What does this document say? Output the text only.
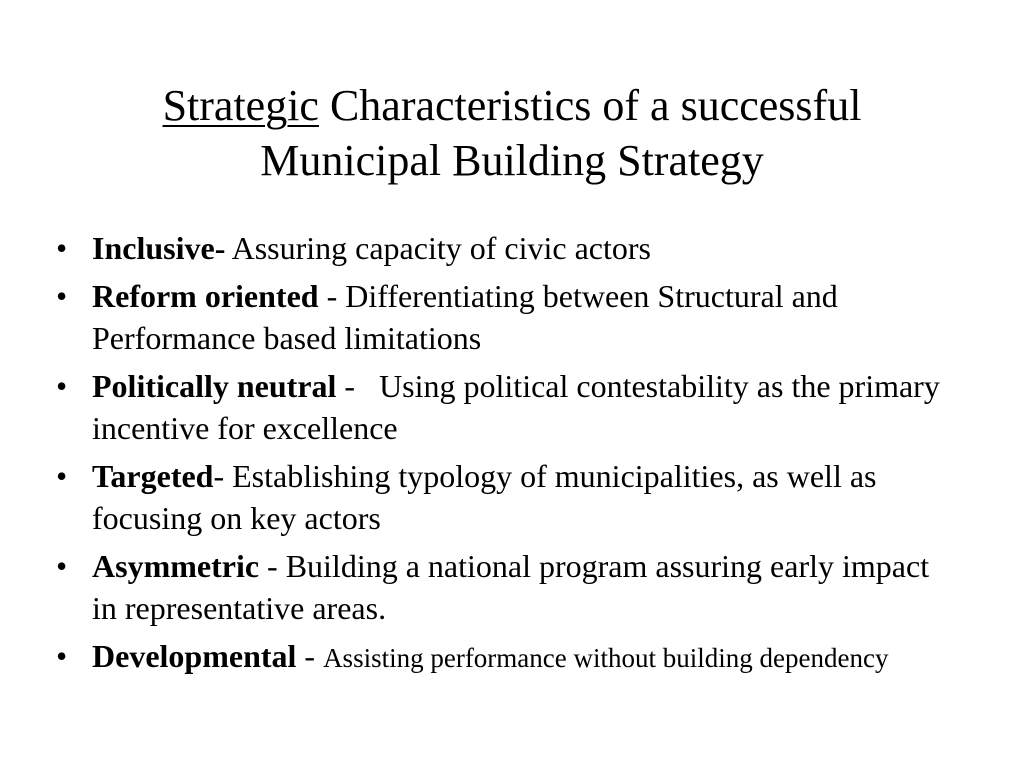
Strategic Characteristics of a successful
Municipal Building Strategy
• Inclusive- Assuring capacity of civic actors
• Reform oriented - Differentiating between Structural and Performance based limitations
• Politically neutral -   Using political contestability as the primary incentive for excellence
• Targeted- Establishing typology of municipalities, as well as focusing on key actors
• Asymmetric - Building a national program assuring early impact in representative areas.
• Developmental - Assisting performance without building dependency
